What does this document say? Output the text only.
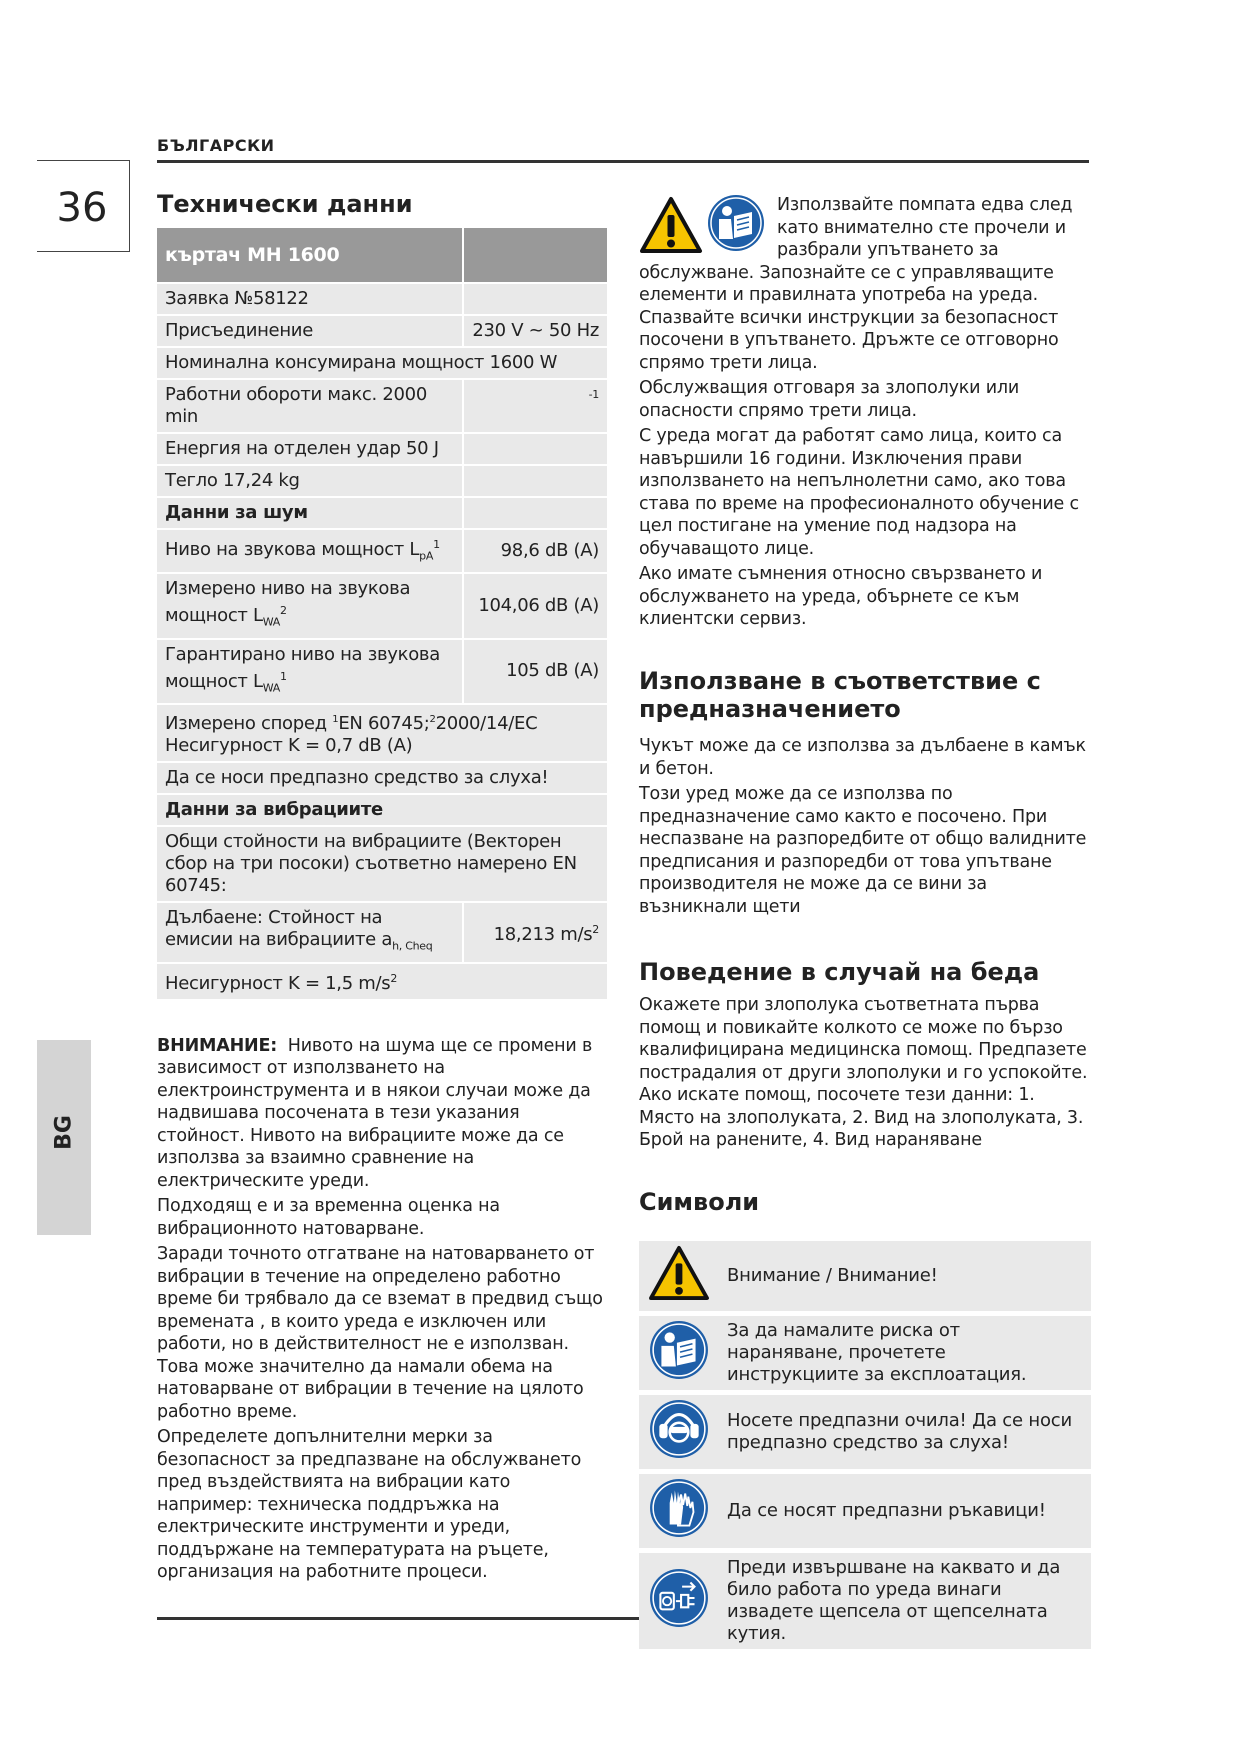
БЪЛГАРСКИ
36
BG
Технически данни
къртач MH 1600	
Заявка №58122	
Присъединение	230 V ~ 50 Hz
Номинална консумирана мощност 1600 W	
Работни обороти макс. 2000 min	-1
Енергия на отделен удар 50 J	
Тегло 17,24 kg	
Данни за шум	
Ниво на звукова мощност $L_{pA}^1$	98,6 dB (A)
Измерено ниво на звукова мощност $L_{WA}^2$	104,06 dB (A)
Гарантирано ниво на звукова мощност $L_{WA}^1$	105 dB (A)
Измерено според $^1$EN 60745;$^2$2000/14/EC
Несигурност K = 0,7 dB (A)	
Да се носи предпазно средство за слуха!	
Данни за вибрациите	
Общи стойности на вибрациите (Векторен сбор на три посоки) съответно намерено EN 60745:	
Дълбаене: Стойност на емисии на вибрациите $a_{h, Cheq}$	18,213 $m/s^2$
Несигурност K = 1,5 $m/s^2$

ВНИМАНИЕ: Нивото на шума ще се промени в зависимост от използването на електроинструмента и в някои случаи може да надвишава посочената в тези указания стойност. Нивото на вибрациите може да се използва за взаимно сравнение на електрическите уреди.

Подходящ е и за временна оценка на вибрационното натоварване.

Заради точното отгатване на натоварването от вибрации в течение на определено работно време би трябвало да се вземат в предвид също времената , в които уреда е изключен или работи, но в действителност не е използван. Това може значително да намали обема на натоварване от вибрации в течение на цялото работно време.

Определете допълнителни мерки за безопасност за предпазване на обслужването пред въздействията на вибрации като например: техническа поддръжка на електрическите инструменти и уреди, поддържане на температурата на ръцете, организация на работните процеси.

Използвайте помпата едва след като внимателно сте прочели и разбрали упътването за обслужване. Запознайте се с управляващите елементи и правилната употреба на уреда. Спазвайте всички инструкции за безопасност посочени в упътването. Дръжте се отговорно спрямо трети лица.

Обслужващия отговаря за злополуки или опасности спрямо трети лица.

С уреда могат да работят само лица, които са навършили 16 години. Изключения прави използването на непълнолетни само, ако това става по време на професионалното обучение с цел постигане на умение под надзора на обучаващото лице.

Ако имате съмнения относно свързването и обслужването на уреда, обърнете се към клиентски сервиз.

Използване в съответствие с предназначението

Чукът може да се използва за дълбаене в камък и бетон.

Този уред може да се използва по предназначение само както е посочено. При неспазване на разпоредбите от общо валидните предписания и разпоредби от това упътване производителя не може да се вини за възникнали щети

Поведение в случай на беда

Окажете при злополука съответната първа помощ и повикайте колкото се може по бързо квалифицирана медицинска помощ. Предпазете пострадалия от други злополуки и го успокойте. Ако искате помощ, посочете тези данни: 1. Място на злополуката, 2. Вид на злополуката, 3. Брой на ранените, 4. Вид нараняване

Символи
	Внимание / Внимание!
	За да намалите риска от нараняване, прочетете инструкциите за експлоатация.
	Носете предпазни очила! Да се носи предпазно средство за слуха!
	Да се носят предпазни ръкавици!
	Преди извършване на каквато и да било работа по уреда винаги извадете щепсела от щепселната кутия.
